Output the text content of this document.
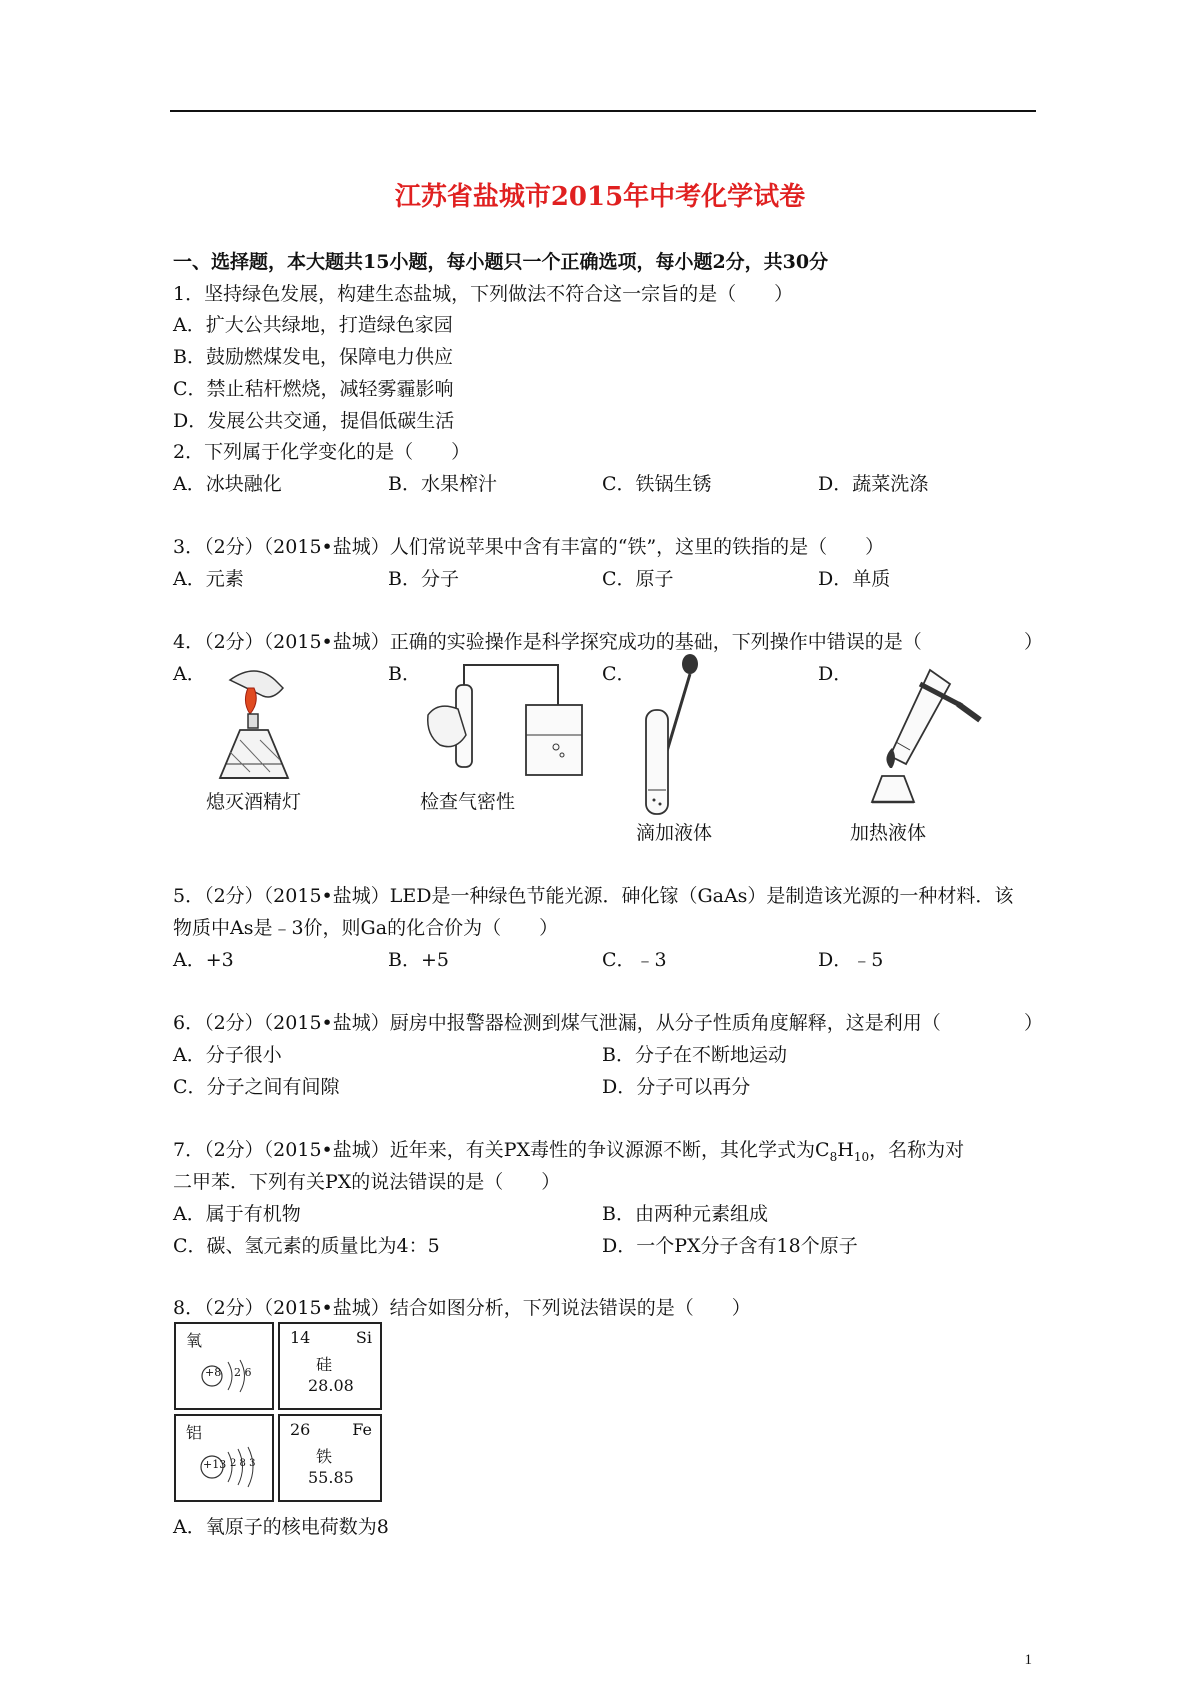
江苏省盐城市2015年中考化学试卷
一、选择题，本大题共15小题，每小题只一个正确选项，每小题2分，共30分
1．坚持绿色发展，构建生态盐城，下列做法不符合这一宗旨的是（　　）
A．扩大公共绿地，打造绿色家园
B．鼓励燃煤发电，保障电力供应
C．禁止秸杆燃烧，减轻雾霾影响
D．发展公共交通，提倡低碳生活
2．下列属于化学变化的是（　　）
A．冰块融化	B．水果榨汁	C．铁锅生锈	D．蔬菜洗涤
3．（2分）（2015•盐城）人们常说苹果中含有丰富的“铁”，这里的铁指的是（　　）
A．元素	B．分子	C．原子	D．单质
4．（2分）（2015•盐城）正确的实验操作是科学探究成功的基础，下列操作中错误的是（	）
A．	B．	C．	D．
熄灭酒精灯	检查气密性
滴加液体	加热液体
5．（2分）（2015•盐城）LED是一种绿色节能光源．砷化镓（GaAs）是制造该光源的一种材料．该
物质中As是﹣3价，则Ga的化合价为（　　）
A．+3	B．+5	C．﹣3	D．﹣5
6．（2分）（2015•盐城）厨房中报警器检测到煤气泄漏，从分子性质角度解释，这是利用（	）
A．分子很小	B．分子在不断地运动
C．分子之间有间隙	D．分子可以再分
7．（2分）（2015•盐城）近年来，有关PX毒性的争议源源不断，其化学式为$C_8H_{10}$，名称为对
二甲苯．下列有关PX的说法错误的是（　　）
A．属于有机物	B．由两种元素组成
C．碳、氢元素的质量比为4：5	D．一个PX分子含有18个原子
8．（2分）（2015•盐城）结合如图分析，下列说法错误的是（　　）
氧
+8 2 6
14	Si
硅
28.08
铝
+13 2 8 3
26	Fe
铁
55.85
A．氧原子的核电荷数为8
1
